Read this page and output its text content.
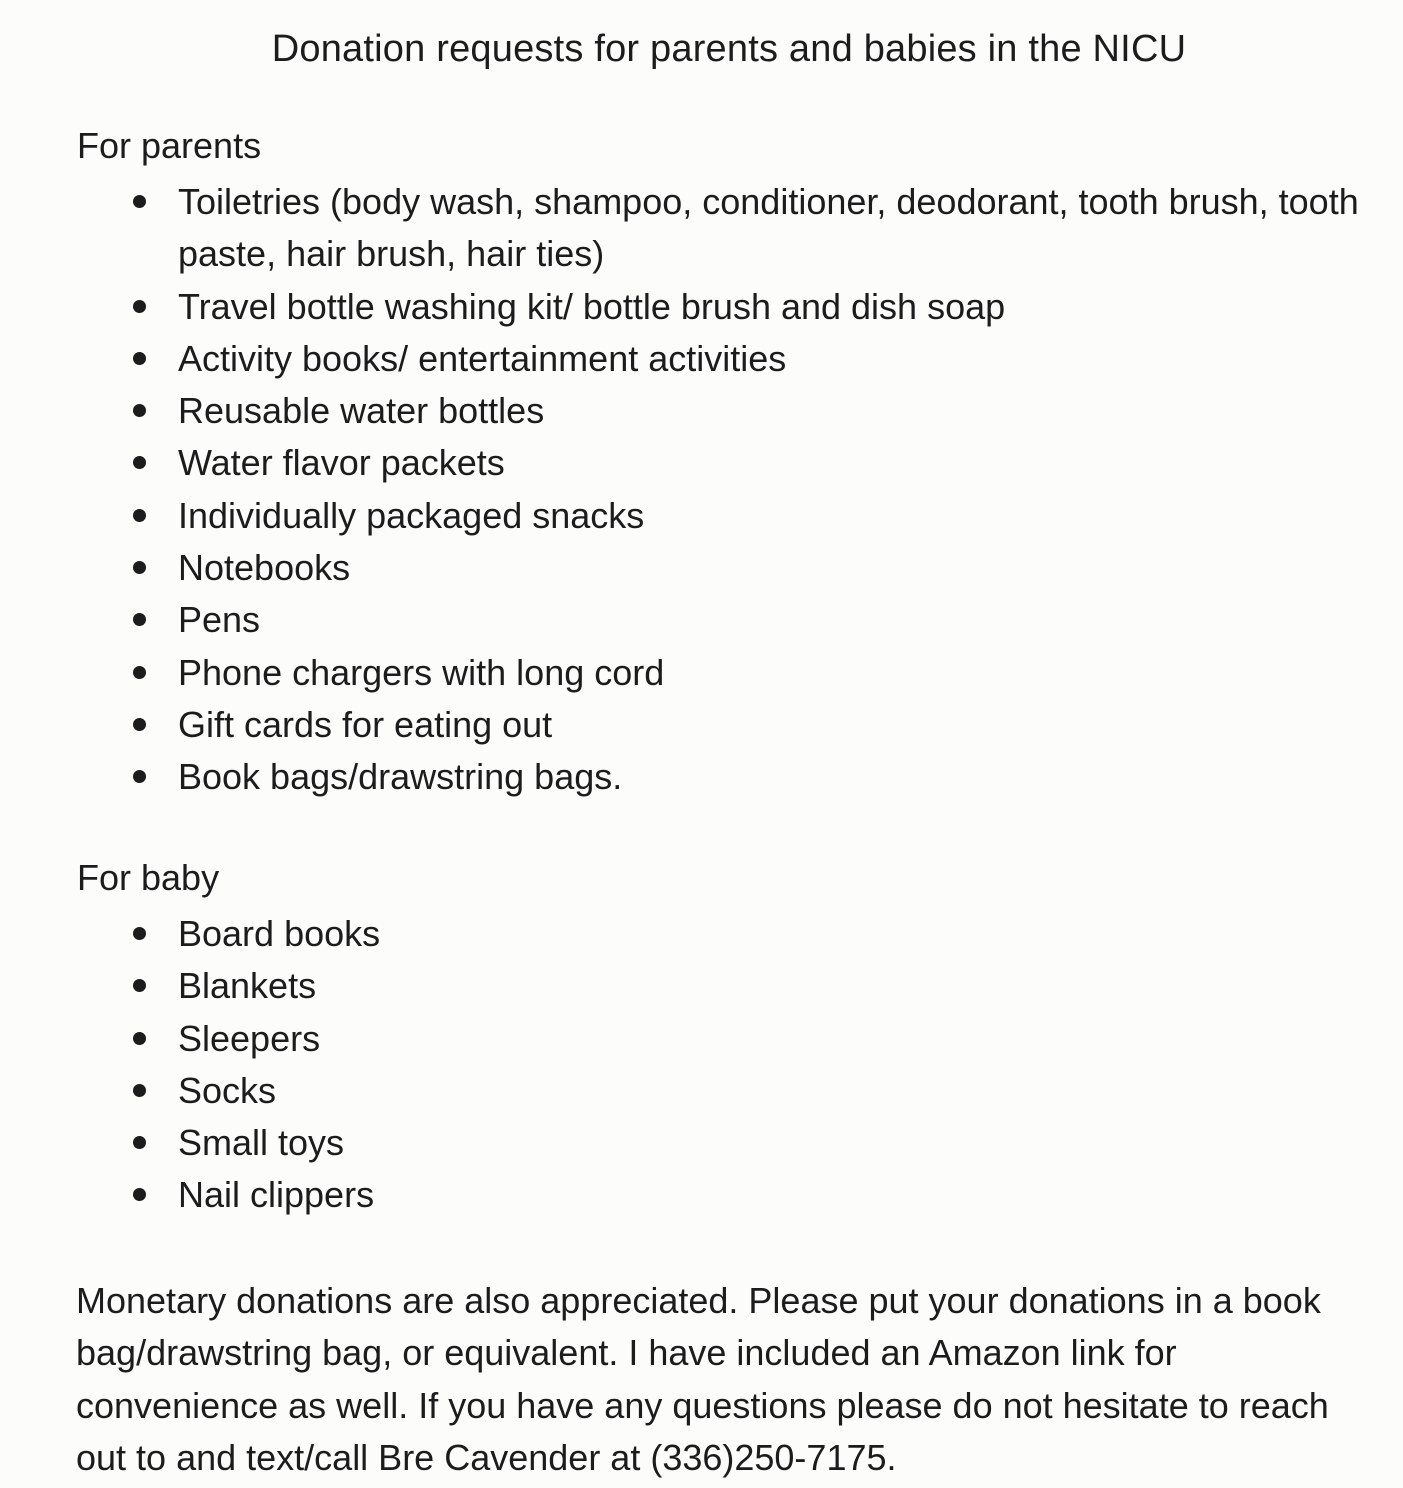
Donation requests for parents and babies in the NICU
For parents
Toiletries (body wash, shampoo, conditioner, deodorant, tooth brush, tooth paste, hair brush, hair ties)
Travel bottle washing kit/ bottle brush and dish soap
Activity books/ entertainment activities
Reusable water bottles
Water flavor packets
Individually packaged snacks
Notebooks
Pens
Phone chargers with long cord
Gift cards for eating out
Book bags/drawstring bags.
For baby
Board books
Blankets
Sleepers
Socks
Small toys
Nail clippers

Monetary donations are also appreciated. Please put your donations in a book bag/drawstring bag, or equivalent. I have included an Amazon link for convenience as well. If you have any questions please do not hesitate to reach out to and text/call Bre Cavender at (336)250-7175.
